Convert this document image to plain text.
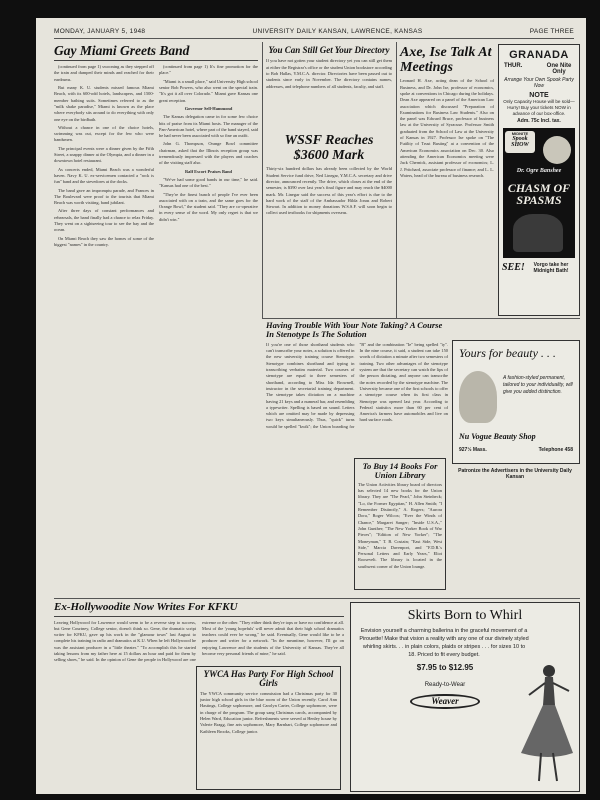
MONDAY, JANUARY 5, 1948	UNIVERSITY DAILY KANSAN, LAWRENCE, KANSAS	PAGE THREE
Gay Miami Greets Band

(continued from page 1) swooning as they stepped off the train and dumped their minds and reached for their eardrums.

But many K. U. students missed famous Miami Beach, with its 600-odd hotels, landscapers, and 1500-member bathing suits. Sometimes referred to as the "milk shake paradise," Miami is known as the place where everybody sits around to do everything with only one eye on the birdbath.

Without a chance in one of the choice hotels, swimming was out, except for the few who were bandsmen.

The principal events were a dinner given by the Fifth Street, a snappy dinner at the Olympia, and a dinner in a downtown hotel restaurant.

As concerts ended, Miami Beach was a wonderful haven. Navy K. U. ex-servicemen contacted a "rock is fun" band and the stevedores at the docks.

The band gave an impromptu parade, and Frances in The Boulevard were proof to the tourists that Miami Beach was worth visiting, band jubilant.

After three days of constant performances and rehearsals, the band finally had a chance to relax Friday. They went on a sightseeing tour to see the bay and the ocean.

On Miami Beach they saw the homes of some of the biggest "names" in the country.

(continued from page 1) It's fine promotion for the place."

"Miami is a small place," said University High school senior Bob Powers, who also went on the special train. "It's got it all over Colorado." Miami gave Kansas one great reception.

Governor Sell-Hammond

The Kansas delegation came in for some few choice bits of praise from its Miami hosts. The manager of the Pan-American hotel, where part of the band stayed, said he had never been associated with so fine an outfit.

John G. Thompson, Orange Bowl committee chairman, asked that the Illinois reception group was tremendously impressed with the players and coaches of the visiting staff also.

Ralf Escort Praises Band

"We've had some good bands in our time," he said. "Kansas had one of the best."

"They're the finest bunch of people I've ever been associated with on a train, and the same goes for the Orange Bowl," the student said. "They are co-operative in every sense of the word. My only regret is that we didn't win."

You Can Still Get Your Directory
If you have not gotten your student directory yet you can still get them at either the Registrar's office or the student Union bookstore according to Bob Hallas, Y.M.C.A. director. Directories have been passed out to students since early in November. The directory contains names, addresses, and telephone numbers of all students, faculty, and staff.
WSSF Reaches $3600 Mark
Thirty-six hundred dollars has already been collected by the World Student Service fund drive, Ned Linegar, Y.M.C.A. secretary and drive director, announced recently. The drive, which closes at the end of the semester, is $390 over last year's final figure and may reach the $4000 mark. Mr. Linegar said the success of this year's effort is due to the hard work of the staff of the Ambassador Hilda Jonas and Robert Stewart. In addition to money donations W.S.S.F. will soon begin to collect used textbooks for shipments overseas.
Axe, Ise Talk At Meetings
Leonard H. Axe, acting dean of the School of Business, and Dr. John Ise, professor of economics, spoke at conventions in Chicago during the holidays. Dean Axe appeared on a panel of the American Law association which discussed "Preparation of Examinations for Business Law Students." Also on the panel was Edward Bruce, professor of business law at the University of Syracuse. Professor Smith graduated from the School of Law at the University of Kansas in 1927. Professor Ise spoke on "The Futility of Trust Busting" at a convention of the American Economics association on Dec. 30. Also attending the American Economics meeting were Jack Chernick, assistant professor of economics; L. J. Pritchard, associate professor of finance; and L. L. Waters, head of the bureau of business research.
GRANADA
THUR.	One Nite Only
Arrange Your Own Spook Party Now
NOTE
Only Capacity House will be sold—Hurry! Buy your tickets NOW in advance of our box-office.
Adm. 75c Incl. tax.
MIDNITE
Spook SHOW
Dr. Ogre Banshee
CHASM OF SPASMS
SEE!	Vorgo take her Midnight Bath!
Having Trouble With Your Note Taking? A Course In Stenotype Is The Solution
If you're one of those shorthand students who can't transcribe your notes, a solution is offered in the new university training course Stenotype. Stenotype combines shorthand and typing in transcribing verbatim material. Two courses of stenotype are equal to three semesters of shorthand, according to Miss Ida Brownell, instructor in the secretarial training department. The stenotype takes dictation on a machine having 21 keys and a numeral bar, and resembling a typewriter. Spelling is based on sound. Letters which are omitted may be made by depressing two keys simultaneously. Thus, "quick" turns would be spelled "kwik"; the Union boarding for "B" and the combination "Ie" being spelled "iy". In the nine course, it said, a student can take 150 words of dictation a minute after two semesters of training. Two other advantages of the stenotype system are that the secretary can watch the lips of the person dictating, and anyone can transcribe the notes recorded by the stenotype machine. The University became one of the first schools to offer a stenotype course when its first class in Stenotype was opened last year. According to Federal statistics more than 60 per cent of America's farmers have automobiles and live on hard surface roads.
Yours for beauty . . .
A fashion-styled permanent, tailored to your individuality, will give you added distinction.
Nu Vogue Beauty Shop
927½ Mass.	Telephone 458
To Buy 14 Books For Union Library
The Union Activities library board of directors has selected 14 new books for the Union library. They are "The Pearl," John Steinbeck; "Lo, the Former Egyptian," H. Allen Smith; "I Remember Distinctly," A. Rogers; "Aurora Dora," Roger Wilcox; "Ever the Winds of Chance," Margaret Sanger; "Inside U.S.A.," John Gunther; "The New Yorker Book of War Pieces"; "Edition of New Yorker"; "The Moneyman," T. B. Costain; "East Side, West Side," Marcia Davenport, and "F.D.R.'s Personal Letters and Early Years," Eliot Roosevelt. The library is located in the southwest corner of the Union lounge.
Patronize the Advertisers in the University Daily Kansan
Ex-Hollywoodite Now Writes For KFKU
Leaving Hollywood for Lawrence would seem to be a reverse step to success, but Gene Courtney, College senior, doesn't think so. Gene, the dramatic script writer for KFKU, gave up his work in the "glamour town" last August to complete his training in radio and dramatics at K.U. When he left Hollywood he was the assistant producer in a "little theater." "To accomplish this he started taking lessons from my father here at 15 dollars an hour and paid for them by selling shoes," he said. In the opinion of Gene the people in Hollywood are one extreme or the other. "They either think they're tops or have no confidence at all. Most of the 'young hopefuls' will never admit that their high school dramatics teachers could ever be wrong," he said. Eventually, Gene would like to be a producer and writer for a network. "In the meantime, however, I'll go on enjoying Lawrence and the students of the University of Kansas. They've all become very personal friends of mine," he said.
YWCA Has Party For High School Girls
The YWCA community service commission had a Christmas party for 30 junior high school girls in the blue room of the Union recently. Carol Ann Hastings, College sophomore, and Carolyn Carter, College sophomore, were in charge of the program. The group sang Christmas carols, accompanied by Helen Ward, Education junior. Refreshments were served at Henley house by Valerie Bragg, fine arts sophomore, Mary Barnhart, College sophomore and Kathleen Brooks, College junior.
Skirts Born to Whirl
Envision yourself a charming ballerina in the graceful movement of a Pirouette! Make that vision a reality with any one of our divinely styled whirling skirts. . . in plain colors, plaids or stripes . . . for sizes 10 to 18. Priced to fit every budget.
$7.95 to $12.95
Ready-to-Wear
Weaver
